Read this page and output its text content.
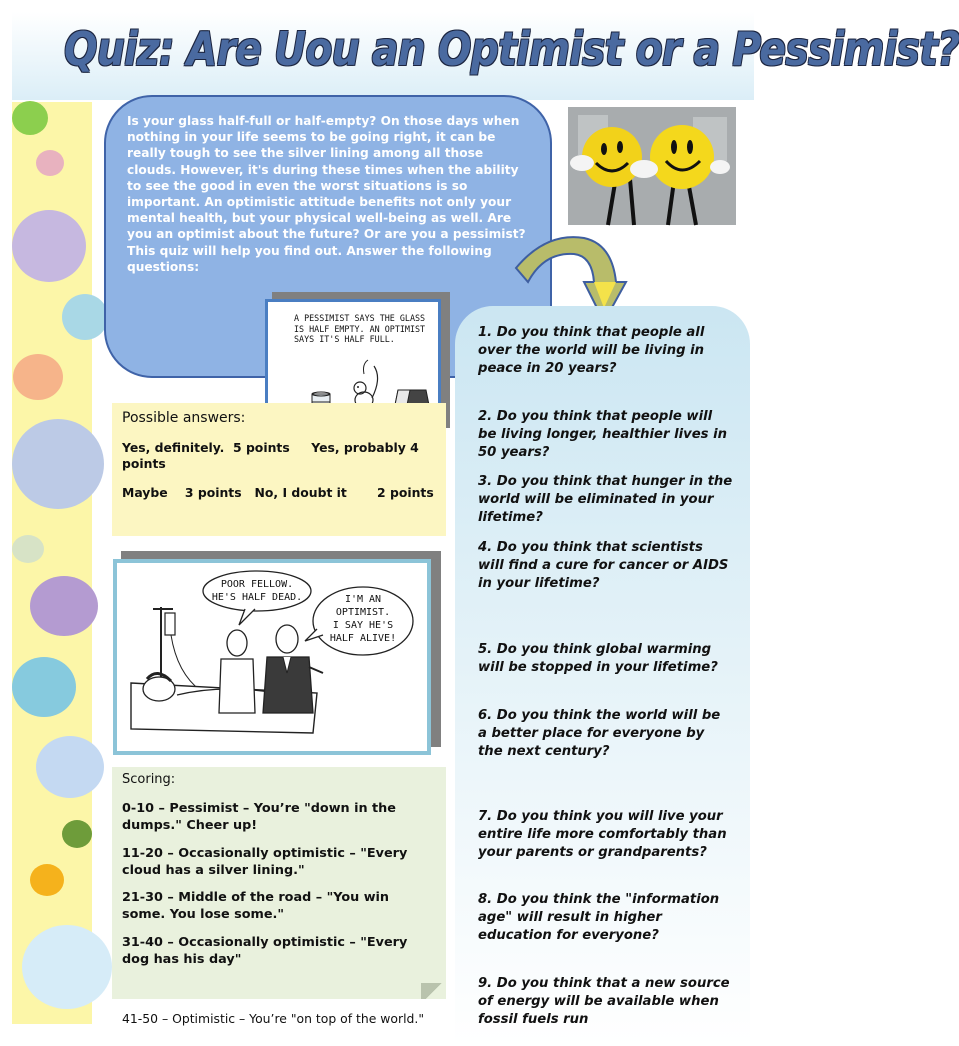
Quiz: Are Uou an Optimist or a Pessimist?
Is your glass half-full or half-empty? On those days when nothing in your life seems to be going right, it can be really tough to see the silver lining among all those clouds. However, it's during these times when the ability to see the good in even the worst situations is so important. An optimistic attitude benefits not only your mental health, but your physical well-being as well. Are you an optimist about the future? Or are you a pessimist? This quiz will help you find out. Answer the following questions:
1. Do you think that people all over the world will be living in peace in 20 years?
2. Do you think that people will be living longer, healthier lives in 50 years?
3. Do you think that hunger in the world will be eliminated in your lifetime?
4. Do you think that scientists will find a cure for cancer or AIDS in your lifetime?
5. Do you think global warming will be stopped in your lifetime?
6. Do you think the world will be a better place for everyone by the next century?
7. Do you think you will live your entire life more comfortably than your parents or grandparents?
8. Do you think the "information age" will result in higher education for everyone?
9. Do you think that a new source of energy will be available when fossil fuels run
A PESSIMIST SAYS THE GLASS IS HALF EMPTY. AN OPTIMIST SAYS IT'S HALF FULL.
Possible answers:
Yes, definitely.  5 points     Yes, probably 4 points
Maybe    3 points   No, I doubt it       2 points
POOR FELLOW.
HE'S HALF DEAD.	I'M AN
OPTIMIST.
I SAY HE'S
HALF ALIVE!
Scoring:
0-10 – Pessimist – You’re "down in the dumps." Cheer up!
11-20 – Occasionally optimistic – "Every cloud has a silver lining."
21-30 – Middle of the road – "You win some. You lose some."
31-40 – Occasionally optimistic – "Every dog has his day"
41-50 – Optimistic – You’re "on top of the world."
